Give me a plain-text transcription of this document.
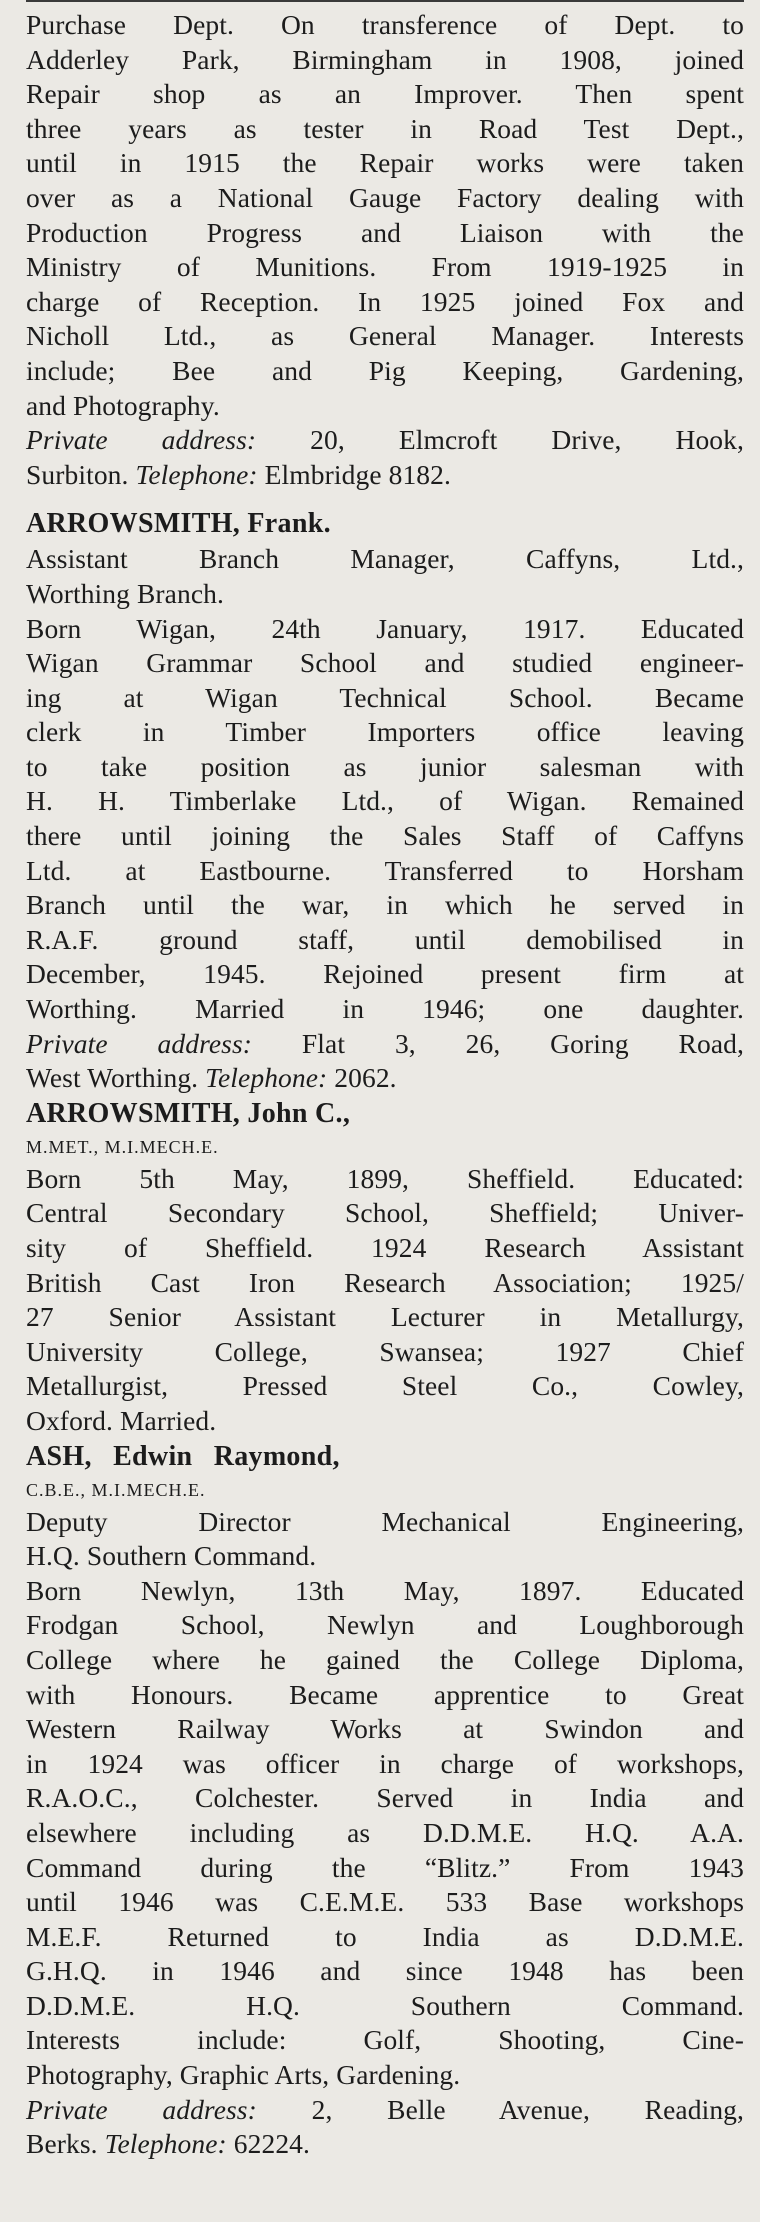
Purchase Dept. On transference of Dept. to

Adderley Park, Birmingham in 1908, joined

Repair shop as an Improver. Then spent

three years as tester in Road Test Dept.,

until in 1915 the Repair works were taken

over as a National Gauge Factory dealing with

Production Progress and Liaison with the

Ministry of Munitions. From 1919-1925 in

charge of Reception. In 1925 joined Fox and

Nicholl Ltd., as General Manager. Interests

include; Bee and Pig Keeping, Gardening,

and Photography.

Private address: 20, Elmcroft Drive, Hook,

Surbiton. Telephone: Elmbridge 8182.

ARROWSMITH, Frank.

Assistant Branch Manager, Caffyns, Ltd.,

Worthing Branch.

Born Wigan, 24th January, 1917. Educated

Wigan Grammar School and studied engineer-

ing at Wigan Technical School. Became

clerk in Timber Importers office leaving

to take position as junior salesman with

H. H. Timberlake Ltd., of Wigan. Remained

there until joining the Sales Staff of Caffyns

Ltd. at Eastbourne. Transferred to Horsham

Branch until the war, in which he served in

R.A.F. ground staff, until demobilised in

December, 1945. Rejoined present firm at

Worthing. Married in 1946; one daughter.

Private address: Flat 3, 26, Goring Road,

West Worthing. Telephone: 2062.

ARROWSMITH, John C.,

M.MET., M.I.MECH.E.

Born 5th May, 1899, Sheffield. Educated:

Central Secondary School, Sheffield; Univer-

sity of Sheffield. 1924 Research Assistant

British Cast Iron Research Association; 1925/

27 Senior Assistant Lecturer in Metallurgy,

University College, Swansea; 1927 Chief

Metallurgist, Pressed Steel Co., Cowley,

Oxford. Married.

ASH, Edwin Raymond,

C.B.E., M.I.MECH.E.

Deputy Director Mechanical Engineering,

H.Q. Southern Command.

Born Newlyn, 13th May, 1897. Educated

Frodgan School, Newlyn and Loughborough

College where he gained the College Diploma,

with Honours. Became apprentice to Great

Western Railway Works at Swindon and

in 1924 was officer in charge of workshops,

R.A.O.C., Colchester. Served in India and

elsewhere including as D.D.M.E. H.Q. A.A.

Command during the “Blitz.” From 1943

until 1946 was C.E.M.E. 533 Base workshops

M.E.F. Returned to India as D.D.M.E.

G.H.Q. in 1946 and since 1948 has been

D.D.M.E. H.Q. Southern Command.

Interests include: Golf, Shooting, Cine-

Photography, Graphic Arts, Gardening.

Private address: 2, Belle Avenue, Reading,

Berks. Telephone: 62224.
